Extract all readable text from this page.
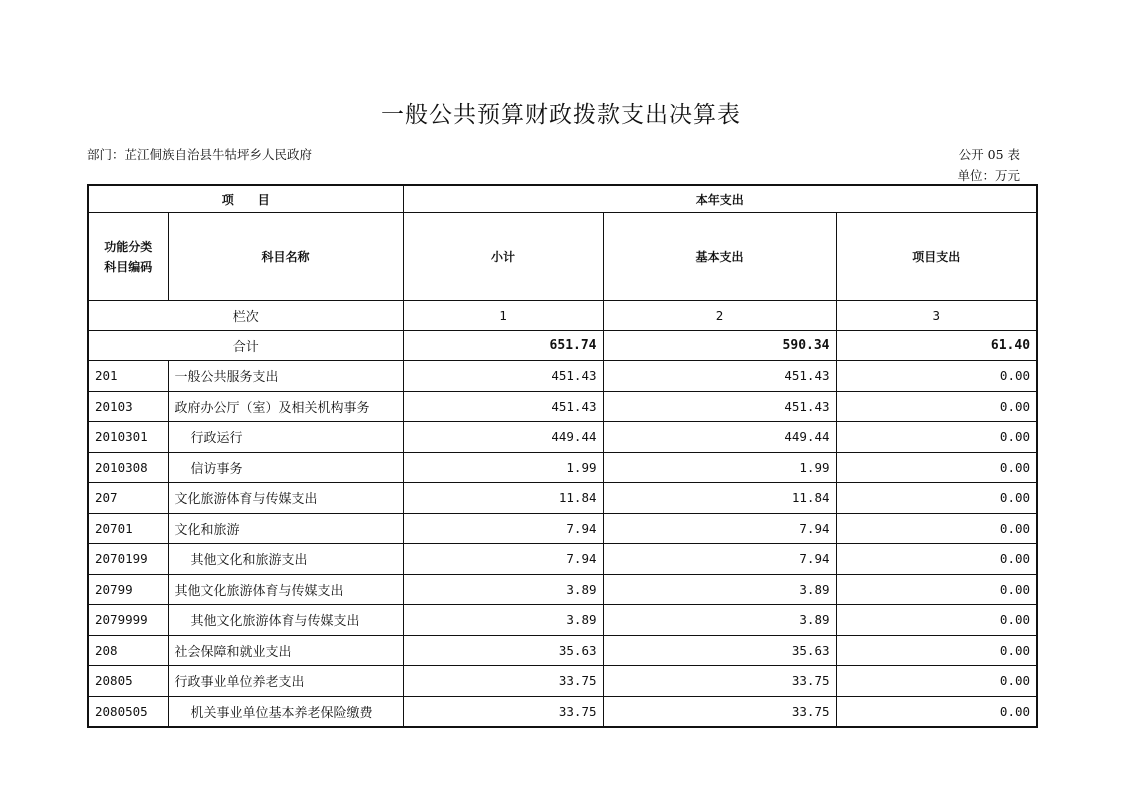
一般公共预算财政拨款支出决算表
部门：芷江侗族自治县牛牯坪乡人民政府	公开 05 表
单位：万元
项　　目		本年支出		
功能分类
科目编码	科目名称	小计	基本支出	项目支出
栏次		1	2	3
合计		651.74	590.34	61.40
201	一般公共服务支出	451.43	451.43	0.00
20103	政府办公厅（室）及相关机构事务	451.43	451.43	0.00
2010301	行政运行	449.44	449.44	0.00
2010308	信访事务	1.99	1.99	0.00
207	文化旅游体育与传媒支出	11.84	11.84	0.00
20701	文化和旅游	7.94	7.94	0.00
2070199	其他文化和旅游支出	7.94	7.94	0.00
20799	其他文化旅游体育与传媒支出	3.89	3.89	0.00
2079999	其他文化旅游体育与传媒支出	3.89	3.89	0.00
208	社会保障和就业支出	35.63	35.63	0.00
20805	行政事业单位养老支出	33.75	33.75	0.00
2080505	机关事业单位基本养老保险缴费	33.75	33.75	0.00
